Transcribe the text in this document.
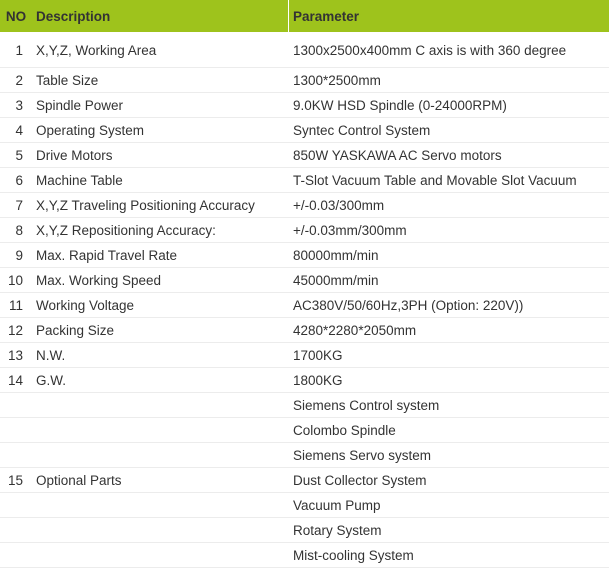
NO	Description	Parameter
1	X,Y,Z, Working Area	1300x2500x400mm C axis is with 360 degree
2	Table Size	1300*2500mm
3	Spindle Power	9.0KW HSD Spindle (0-24000RPM)
4	Operating System	Syntec Control System
5	Drive Motors	850W YASKAWA AC Servo motors
6	Machine Table	T-Slot Vacuum Table and Movable Slot Vacuum
7	X,Y,Z Traveling Positioning Accuracy	+/-0.03/300mm
8	X,Y,Z Repositioning Accuracy:	+/-0.03mm/300mm
9	Max. Rapid Travel Rate	80000mm/min
10	Max. Working Speed	45000mm/min
11	Working Voltage	AC380V/50/60Hz,3PH (Option: 220V))
12	Packing Size	4280*2280*2050mm
13	N.W.	1700KG
14	G.W.	1800KG
		Siemens Control system
		Colombo Spindle
		Siemens Servo system
15	Optional Parts	Dust Collector System
		Vacuum Pump
		Rotary System
		Mist-cooling System
